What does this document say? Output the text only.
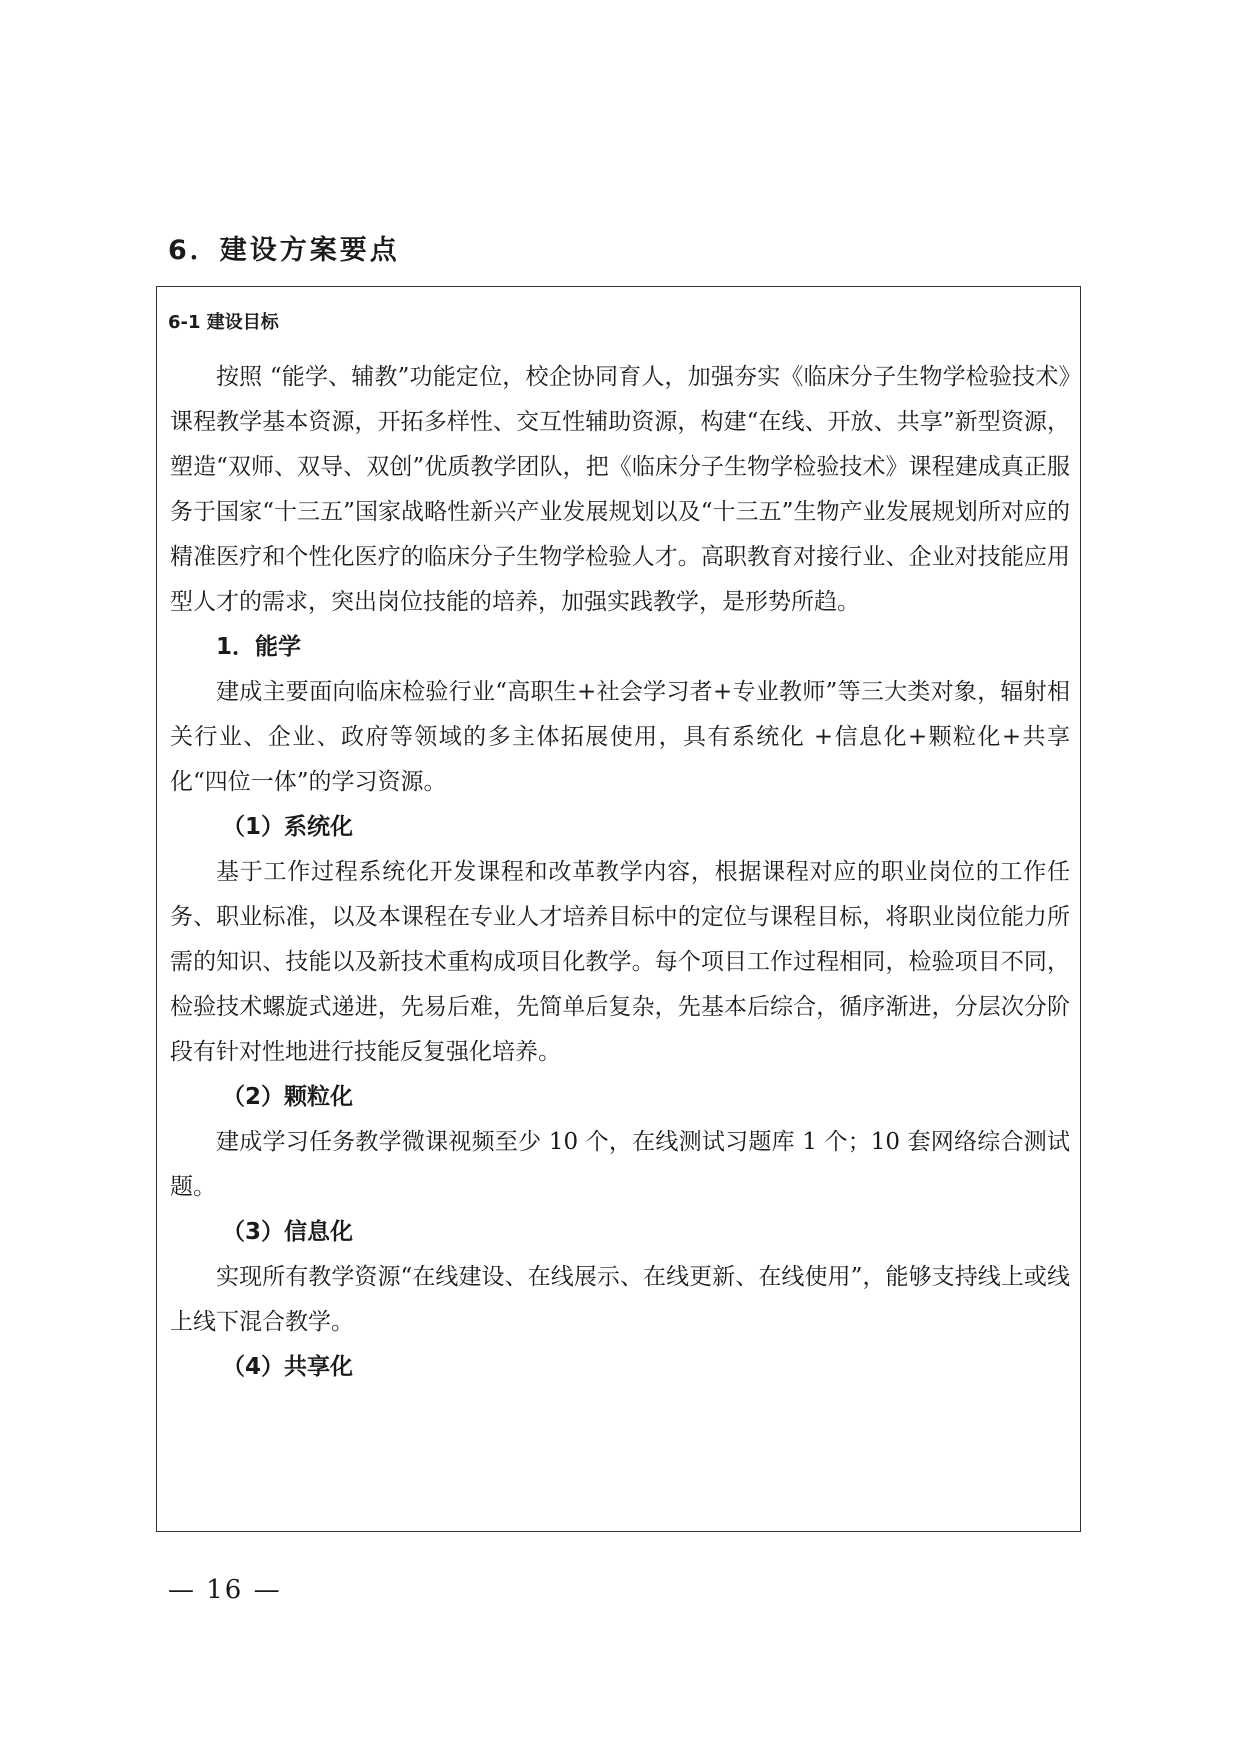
6．建设方案要点
6-1 建设目标

按照 “能学、辅教”功能定位，校企协同育人，加强夯实《临床分子生物学检验技术》课程教学基本资源，开拓多样性、交互性辅助资源，构建“在线、开放、共享”新型资源，塑造“双师、双导、双创”优质教学团队，把《临床分子生物学检验技术》课程建成真正服务于国家“十三五”国家战略性新兴产业发展规划以及“十三五”生物产业发展规划所对应的精准医疗和个性化医疗的临床分子生物学检验人才。高职教育对接行业、企业对技能应用型人才的需求，突出岗位技能的培养，加强实践教学，是形势所趋。

1．能学

建成主要面向临床检验行业“高职生+社会学习者+专业教师”等三大类对象，辐射相关行业、企业、政府等领域的多主体拓展使用，具有系统化 +信息化+颗粒化+共享化“四位一体”的学习资源。

（1）系统化

基于工作过程系统化开发课程和改革教学内容，根据课程对应的职业岗位的工作任务、职业标准，以及本课程在专业人才培养目标中的定位与课程目标，将职业岗位能力所需的知识、技能以及新技术重构成项目化教学。每个项目工作过程相同，检验项目不同，检验技术螺旋式递进，先易后难，先简单后复杂，先基本后综合，循序渐进，分层次分阶段有针对性地进行技能反复强化培养。

（2）颗粒化

建成学习任务教学微课视频至少 10 个，在线测试习题库 1 个；10 套网络综合测试题。

（3）信息化

实现所有教学资源“在线建设、在线展示、在线更新、在线使用”，能够支持线上或线上线下混合教学。

（4）共享化

— 16 —
